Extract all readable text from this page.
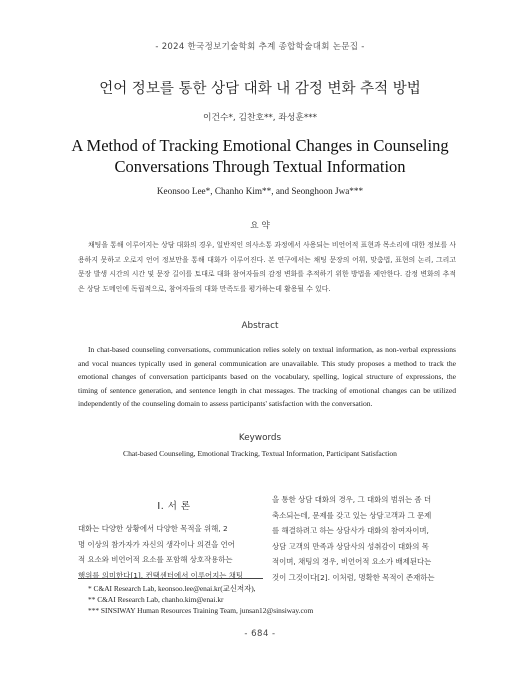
- 2024 한국정보기술학회 추계 종합학술대회 논문집 -
언어 정보를 통한 상담 대화 내 감정 변화 추적 방법
이건수*, 김찬호**, 좌성훈***
A Method of Tracking Emotional Changes in Counseling
Conversations Through Textual Information
Keonsoo Lee*, Chanho Kim**, and Seonghoon Jwa***
요 약
채팅을 통해 이루어지는 상담 대화의 경우, 일반적인 의사소통 과정에서 사용되는 비언어적 표현과 목소리에 대한 정보를 사용하지 못하고 오로지 언어 정보만을 통해 대화가 이루어진다. 본 연구에서는 채팅 문장의 어휘, 맞춤법, 표현의 논리, 그리고 문장 발생 시간의 시간 및 문장 길이를 토대로 대화 참여자들의 감정 변화를 추적하기 위한 방법을 제안한다. 감정 변화의 추적은 상담 도메인에 독립적으로, 참여자들의 대화 만족도를 평가하는데 활용될 수 있다.
Abstract
In chat-based counseling conversations, communication relies solely on textual information, as non-verbal expressions and vocal nuances typically used in general communication are unavailable. This study proposes a method to track the emotional changes of conversation participants based on the vocabulary, spelling, logical structure of expressions, the timing of sentence generation, and sentence length in chat messages. The tracking of emotional changes can be utilized independently of the counseling domain to assess participants' satisfaction with the conversation.
Keywords
Chat-based Counseling, Emotional Tracking, Textual Information, Participant Satisfaction
Ⅰ. 서 론
대화는 다양한 상황에서 다양한 목적을 위해, 2
명 이상의 참가자가 자신의 생각이나 의견을 언어
적 요소와 비언어적 요소를 포함해 상호작용하는
행위를 의미한다[1]. 컨택센터에서 이루어지는 채팅
을 통한 상담 대화의 경우, 그 대화의 범위는 좀 더
축소되는데, 문제를 갖고 있는 상담고객과 그 문제
를 해결하려고 하는 상담사가 대화의 참여자이며,
상담 고객의 만족과 상담사의 성취감이 대화의 목
적이며, 채팅의 경우, 비언어적 요소가 배제된다는
것이 그것이다[2]. 이처럼, 명확한 목적이 존재하는
* C&AI Research Lab, keonsoo.lee@enai.kr(교신저자),
** C&AI Research Lab, chanho.kim@enai.kr
*** SINSIWAY Human Resources Training Team, junsan12@sinsiway.com
- 684 -
